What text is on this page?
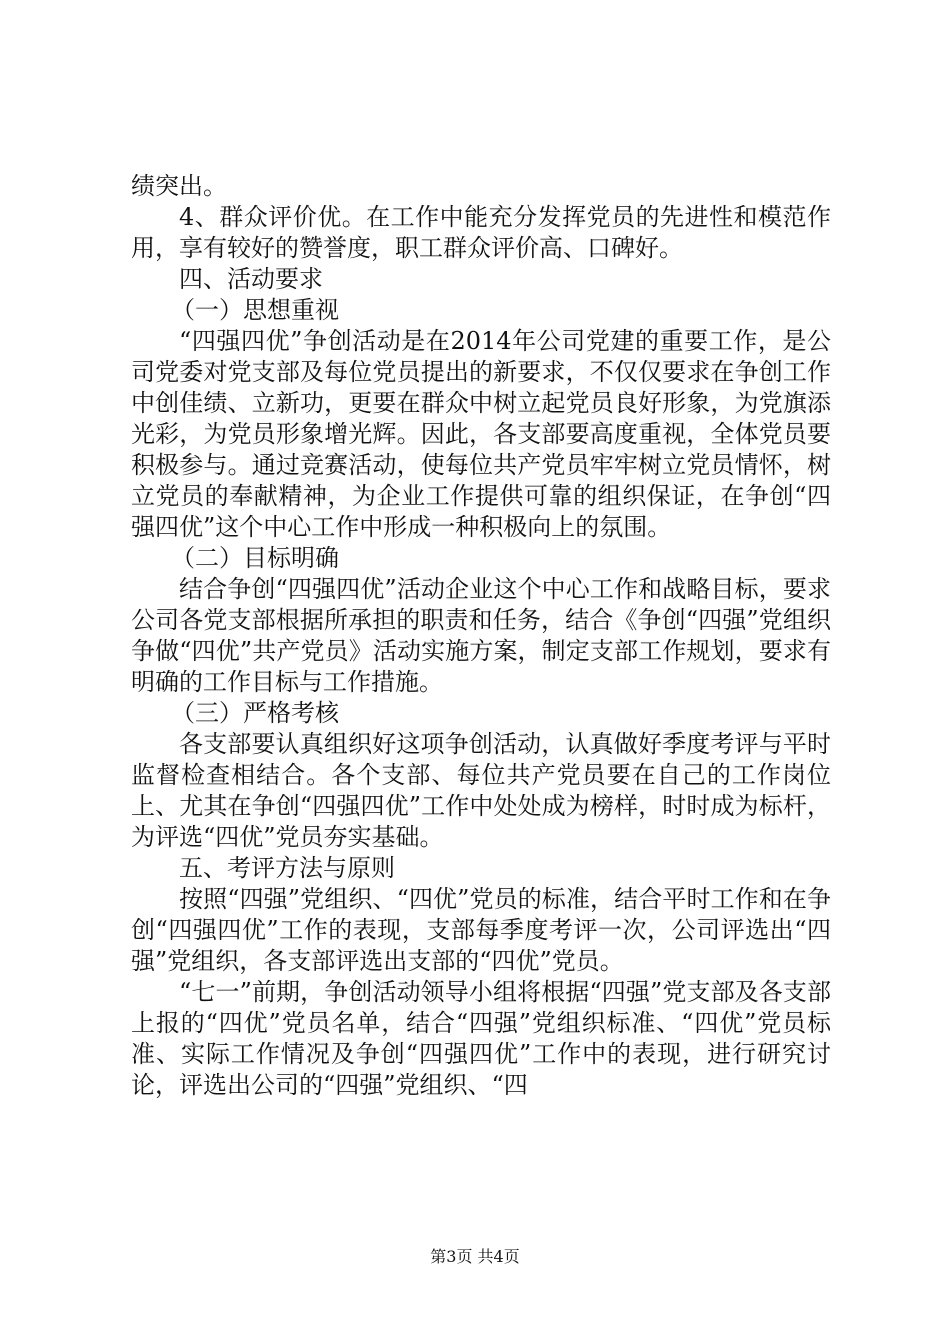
绩突出。

4、群众评价优。在工作中能充分发挥党员的先进性和模范作用，享有较好的赞誉度，职工群众评价高、口碑好。

四、活动要求

（一）思想重视

“四强四优”争创活动是在2014年公司党建的重要工作，是公司党委对党支部及每位党员提出的新要求，不仅仅要求在争创工作中创佳绩、立新功，更要在群众中树立起党员良好形象，为党旗添光彩，为党员形象增光辉。因此，各支部要高度重视，全体党员要积极参与。通过竞赛活动，使每位共产党员牢牢树立党员情怀，树立党员的奉献精神，为企业工作提供可靠的组织保证，在争创“四强四优”这个中心工作中形成一种积极向上的氛围。

（二）目标明确

结合争创“四强四优”活动企业这个中心工作和战略目标，要求公司各党支部根据所承担的职责和任务，结合《争创“四强”党组织争做“四优”共产党员》活动实施方案，制定支部工作规划，要求有明确的工作目标与工作措施。

（三）严格考核

各支部要认真组织好这项争创活动，认真做好季度考评与平时监督检查相结合。各个支部、每位共产党员要在自己的工作岗位上、尤其在争创“四强四优”工作中处处成为榜样，时时成为标杆，为评选“四优”党员夯实基础。

五、考评方法与原则

按照“四强”党组织、“四优”党员的标准，结合平时工作和在争创“四强四优”工作的表现，支部每季度考评一次，公司评选出“四强”党组织，各支部评选出支部的“四优”党员。

“七一”前期，争创活动领导小组将根据“四强”党支部及各支部上报的“四优”党员名单，结合“四强”党组织标准、“四优”党员标准、实际工作情况及争创“四强四优”工作中的表现，进行研究讨论，评选出公司的“四强”党组织、“四

第3页 共4页
